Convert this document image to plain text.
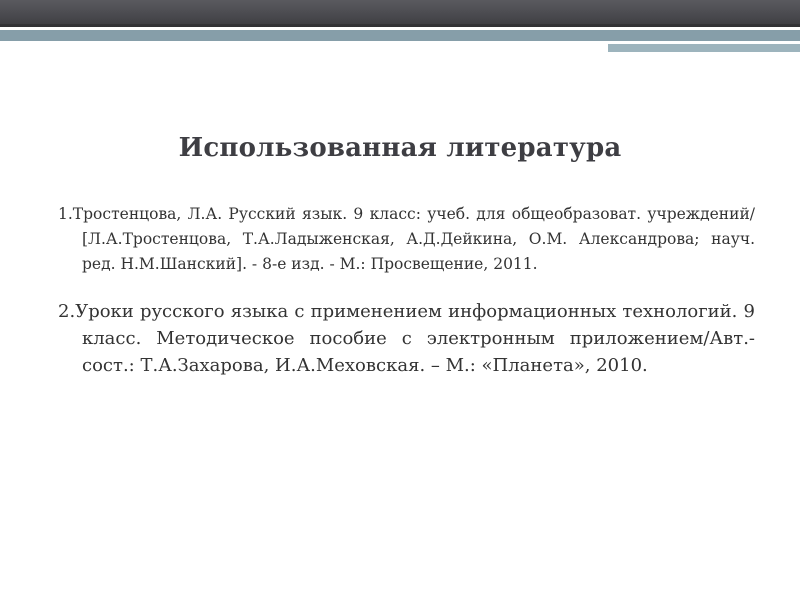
Использованная литература

1.Тростенцова, Л.А. Русский язык. 9 класс: учеб. для общеобразоват. учреждений/ [Л.А.Тростенцова, Т.А.Ладыженская, А.Д.Дейкина, О.М. Александрова; науч. ред. Н.М.Шанский]. - 8-е изд. - М.: Просвещение, 2011.

2.Уроки русского языка с применением информационных технологий. 9 класс. Методическое пособие с электронным приложением/Авт.-сост.: Т.А.Захарова, И.А.Меховская. – М.: «Планета», 2010.
